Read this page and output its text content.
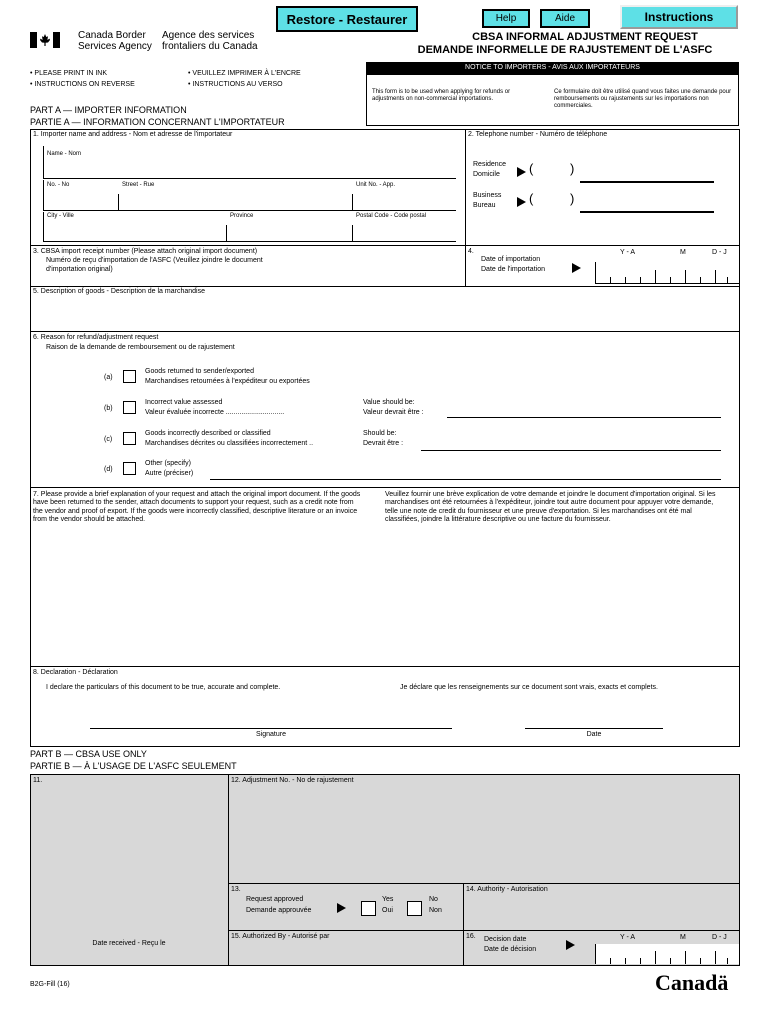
Canada Border
Services Agency
Agence des services
frontaliers du Canada
Restore - Restaurer	Help	Aide	Instructions
CBSA INFORMAL ADJUSTMENT REQUEST
DEMANDE INFORMELLE DE RAJUSTEMENT DE L'ASFC
• PLEASE PRINT IN INK
• INSTRUCTIONS ON REVERSE
• VEUILLEZ IMPRIMER À L'ENCRE
• INSTRUCTIONS AU VERSO
NOTICE TO IMPORTERS - AVIS AUX IMPORTATEURS
This form is to be used when applying for refunds or adjustments on non-commercial importations.
Ce formulaire doit être utilisé quand vous faites une demande pour remboursements ou rajustements sur les importations non commerciales.
PART A — IMPORTER INFORMATION
PARTIE A — INFORMATION CONCERNANT L'IMPORTATEUR
1. Importer name and address - Nom et adresse de l'importateur
Name - Nom
No. - No	Street - Rue	Unit No. - App.
City - Ville	Province	Postal Code - Code postal
2. Telephone number - Numéro de téléphone
Residence
Domicile (	)
Business
Bureau	(	)
3. CBSA import receipt number (Please attach original import document)
Numéro de reçu d'importation de l'ASFC (Veuillez joindre le document
d'importation original)
4.
Date of importation
Date de l'importation
Y - A	M	D - J
5. Description of goods - Description de la marchandise
6. Reason for refund/adjustment request
Raison de la demande de remboursement ou de rajustement
(a)
Goods returned to sender/exported
Marchandises retournées à l'expéditeur ou exportées
(b)
Incorrect value assessed
Valeur évaluée incorrecte ..............................
Value should be:
Valeur devrait être :
(c)
Goods incorrectly described or classified
Marchandises décrites ou classifiées incorrectement ..
Should be:
Devrait être :
(d)
Other (specify)
Autre (préciser)
7. Please provide a brief explanation of your request and attach the original import document. If the goods have been returned to the sender, attach documents to support your request, such as a credit note from the vendor and proof of export. If the goods were incorrectly classified, descriptive literature or an invoice from the vendor should be attached.
Veuillez fournir une brève explication de votre demande et joindre le document d'importation original. Si les marchandises ont été retournées à l'expéditeur, joindre tout autre document pour appuyer votre demande, telle une note de credit du fournisseur et une preuve d'exportation. Si les marchandises ont été mal classifiées, joindre la littérature descriptive ou une facture du fournisseur.
8. Declaration - Déclaration
I declare the particulars of this document to be true, accurate and complete.	Je déclare que les renseignements sur ce document sont vrais, exacts et complets.
Signature	Date
PART B — CBSA USE ONLY
PARTIE B — À L'USAGE DE L'ASFC SEULEMENT
11.
Date received - Reçu le
12. Adjustment No. - No de rajustement
13.
Request approved
Demande approuvée
Yes
Oui
No
Non
14. Authority - Autorisation
15. Authorized By - Autorisé par	16. Decision date
Date de décision
Y - A	M	D - J
B2G-Fill (16)	Canadä
